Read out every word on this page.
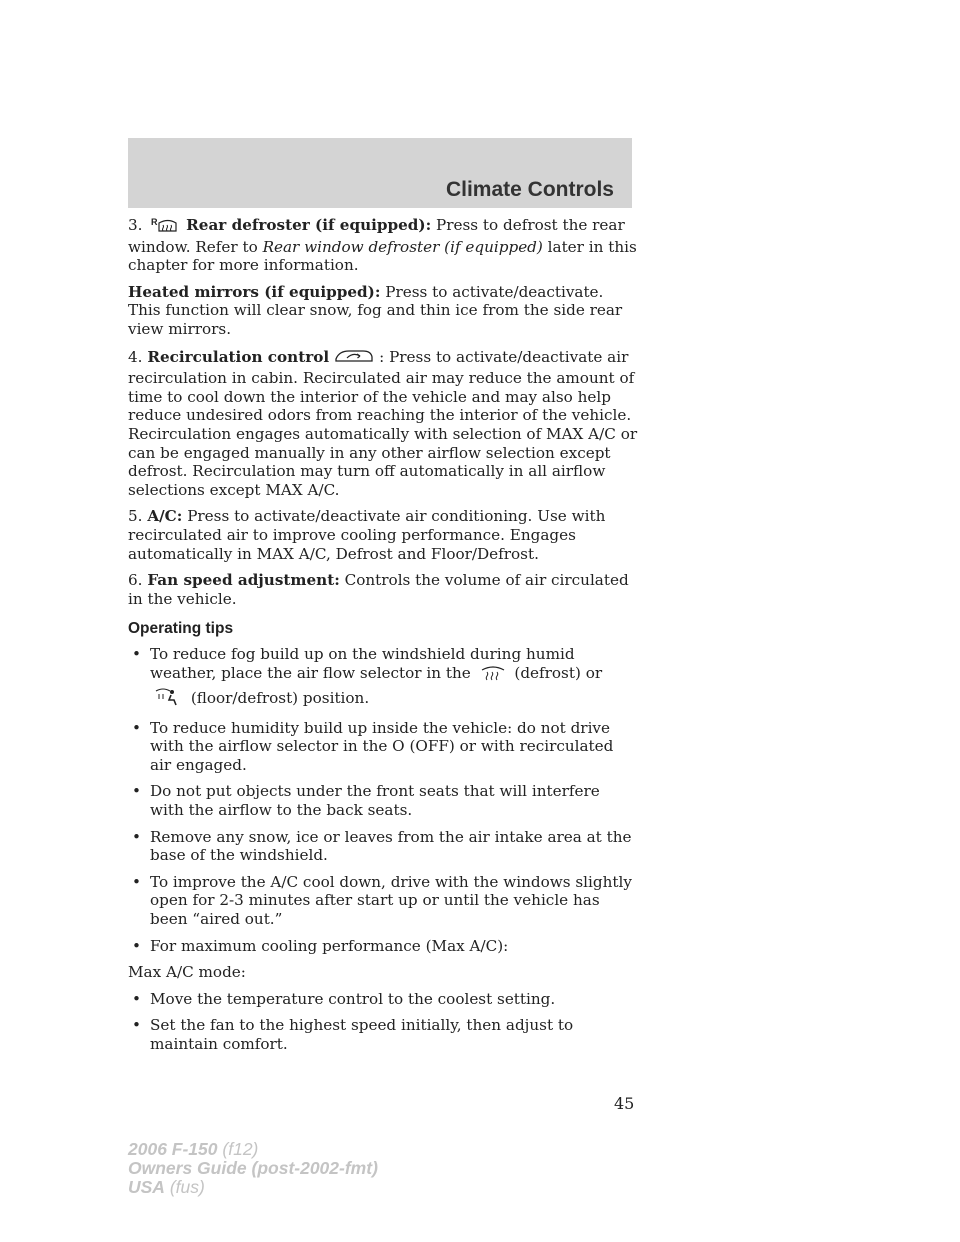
Climate Controls

3. R Rear defroster (if equipped): Press to defrost the rear window. Refer to Rear window defroster (if equipped) later in this chapter for more information.

Heated mirrors (if equipped): Press to activate/deactivate. This function will clear snow, fog and thin ice from the side rear view mirrors.

4. Recirculation control	: Press to activate/deactivate air recirculation in cabin. Recirculated air may reduce the amount of time to cool down the interior of the vehicle and may also help reduce undesired odors from reaching the interior of the vehicle. Recirculation engages automatically with selection of MAX A/C or can be engaged manually in any other airflow selection except defrost. Recirculation may turn off automatically in all airflow selections except MAX A/C.

5. A/C: Press to activate/deactivate air conditioning. Use with recirculated air to improve cooling performance. Engages automatically in MAX A/C, Defrost and Floor/Defrost.

6. Fan speed adjustment: Controls the volume of air circulated in the vehicle.

Operating tips
• To reduce fog build up on the windshield during humid weather, place the air flow selector in the	(defrost) or  (floor/defrost) position.
• To reduce humidity build up inside the vehicle: do not drive with the airflow selector in the O (OFF) or with recirculated air engaged.
• Do not put objects under the front seats that will interfere with the airflow to the back seats.
• Remove any snow, ice or leaves from the air intake area at the base of the windshield.
• To improve the A/C cool down, drive with the windows slightly open for 2-3 minutes after start up or until the vehicle has been “aired out.”
• For maximum cooling performance (Max A/C):

Max A/C mode:

• Move the temperature control to the coolest setting.
• Set the fan to the highest speed initially, then adjust to maintain comfort.
45
2006 F-150 (f12)
Owners Guide (post-2002-fmt)
USA (fus)
